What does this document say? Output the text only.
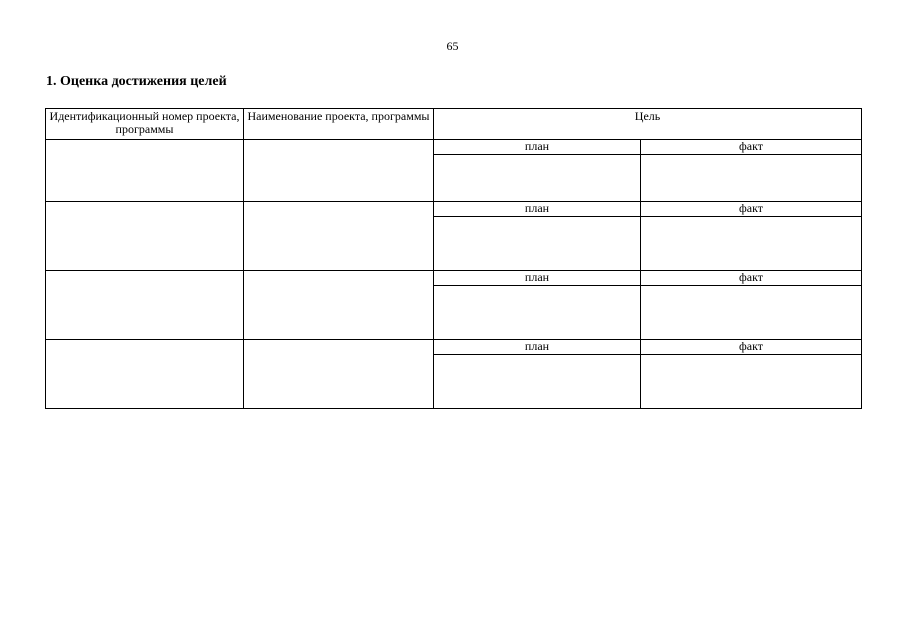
65
1. Оценка достижения целей
Идентификационный номер проекта, программы	Наименование проекта, программы	Цель	
		план	факт

		план	факт

		план	факт

		план	факт
